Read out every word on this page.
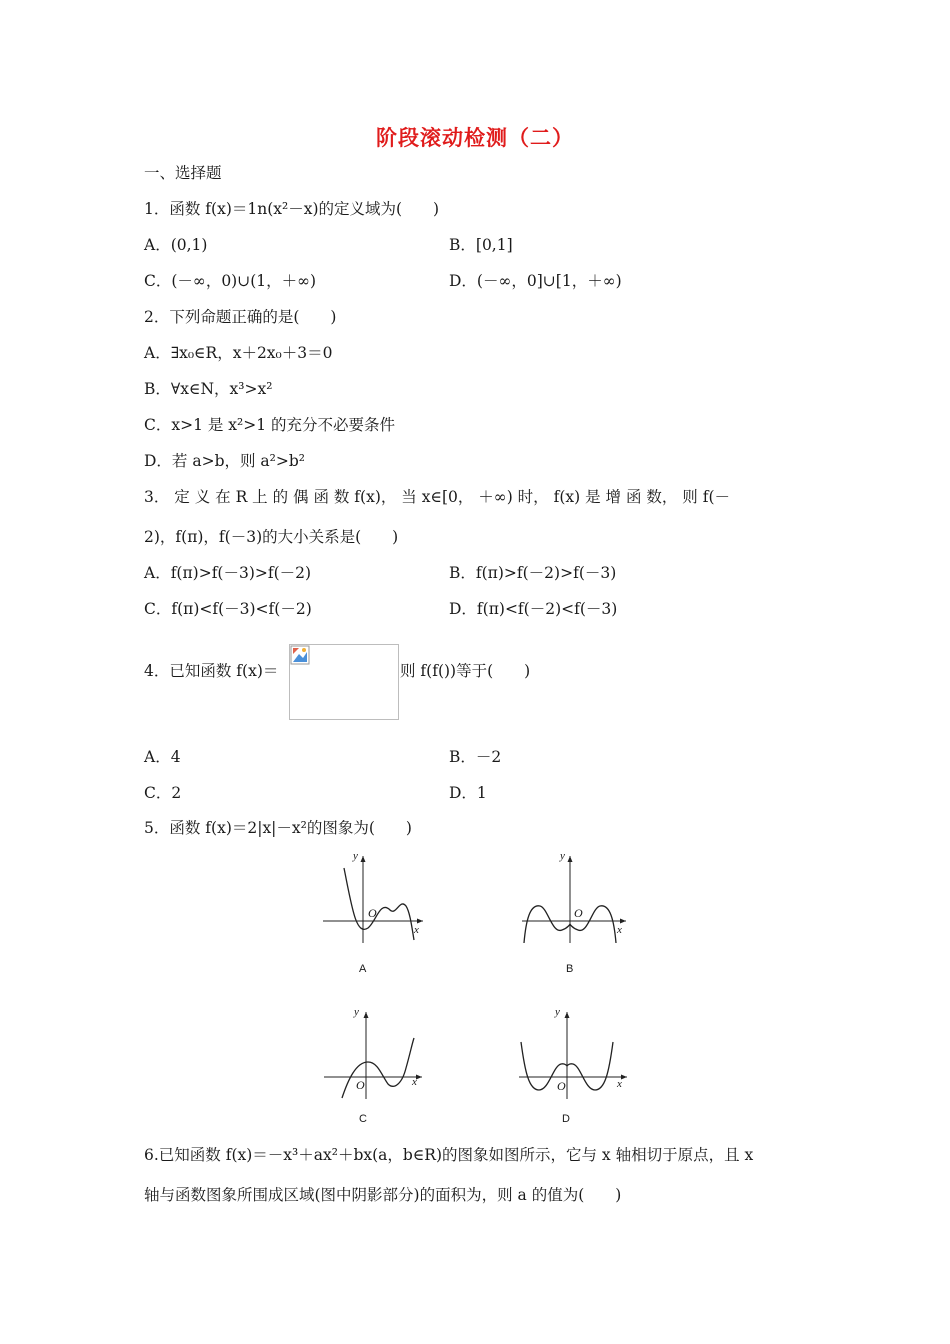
阶段滚动检测（二）
一、选择题
1．函数 f(x)＝1n(x²－x)的定义域为(　　)
A．(0,1)	B．[0,1]
C．(－∞，0)∪(1，＋∞)	D．(－∞，0]∪[1，＋∞)
2．下列命题正确的是(　　)
A．∃x₀∈R，x＋2x₀＋3＝0
B．∀x∈N，x³>x²
C．x>1 是 x²>1 的充分不必要条件
D．若 a>b，则 a²>b²
3． 定 义 在 R 上 的 偶 函 数 f(x)， 当 x∈[0， ＋∞) 时， f(x) 是 增 函 数， 则 f(－
2)，f(π)，f(－3)的大小关系是(　　)
A．f(π)>f(－3)>f(－2)	B．f(π)>f(－2)>f(－3)
C．f(π)<f(－3)<f(－2)	D．f(π)<f(－2)<f(－3)
4．已知函数 f(x)＝	则 f(f())等于(　　)
A．4	B．－2
C．2	D．1
5．函数 f(x)＝2|x|－x²的图象为(　　)
y
x
O
A
y
x
O
B
y
x
O
C
y
x
O
D
6.已知函数 f(x)＝－x³＋ax²＋bx(a，b∈R)的图象如图所示，它与 x 轴相切于原点，且 x
轴与函数图象所围成区域(图中阴影部分)的面积为，则 a 的值为(　　)
